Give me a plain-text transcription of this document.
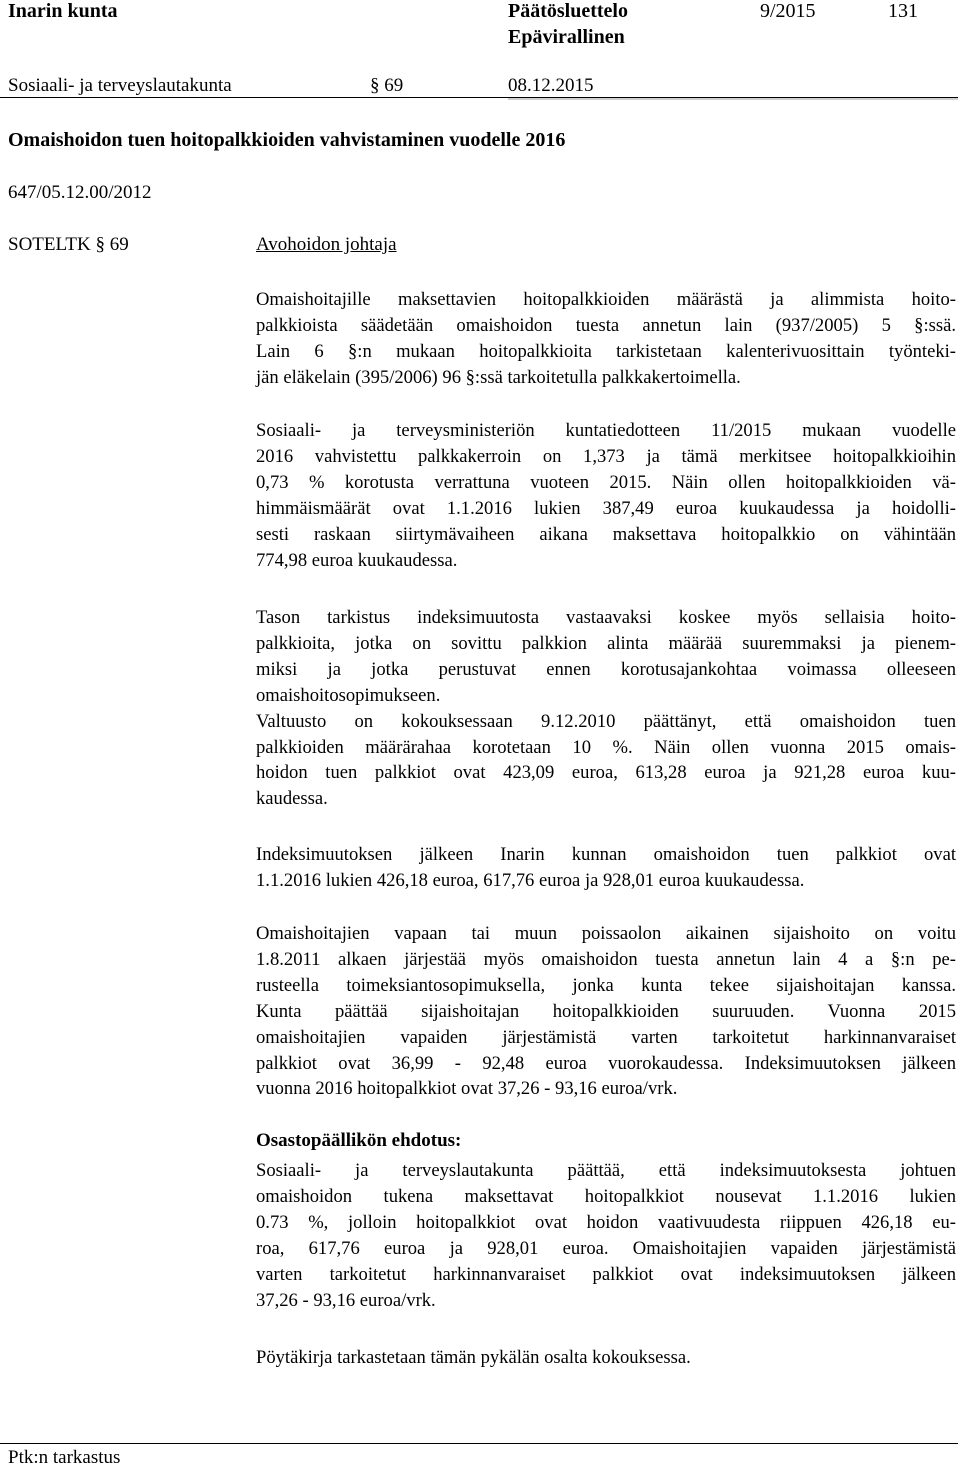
Inarin kunta	Päätösluettelo
Epävirallinen
9/2015	131
Sosiaali- ja terveyslautakunta	§ 69	08.12.2015
Omaishoidon tuen hoitopalkkioiden vahvistaminen vuodelle 2016
647/05.12.00/2012
SOTELTK § 69	Avohoidon johtaja
Omaishoitajille maksettavien hoitopalkkioiden määrästä ja alimmista hoito-
palkkioista säädetään omaishoidon tuesta annetun lain (937/2005) 5 §:ssä.
Lain 6 §:n mukaan hoitopalkkioita tarkistetaan kalenterivuosittain työnteki-
jän eläkelain (395/2006) 96 §:ssä tarkoitetulla palkkakertoimella.
Sosiaali- ja terveysministeriön kuntatiedotteen 11/2015 mukaan vuodelle
2016 vahvistettu palkkakerroin on 1,373 ja tämä merkitsee hoitopalkkioihin
0,73 % korotusta verrattuna vuoteen 2015. Näin ollen hoitopalkkioiden vä-
himmäismäärät ovat 1.1.2016 lukien 387,49 euroa kuukaudessa ja hoidolli-
sesti raskaan siirtymävaiheen aikana maksettava hoitopalkkio on vähintään
774,98 euroa kuukaudessa.
Tason tarkistus indeksimuutosta vastaavaksi koskee myös sellaisia hoito-
palkkioita, jotka on sovittu palkkion alinta määrää suuremmaksi ja pienem-
miksi ja jotka perustuvat ennen korotusajankohtaa voimassa olleeseen
omaishoitosopimukseen.
Valtuusto on kokouksessaan 9.12.2010 päättänyt, että omaishoidon tuen
palkkioiden määrärahaa korotetaan 10 %. Näin ollen vuonna 2015 omais-
hoidon tuen palkkiot ovat 423,09 euroa, 613,28 euroa ja 921,28 euroa kuu-
kaudessa.
Indeksimuutoksen jälkeen Inarin kunnan omaishoidon tuen palkkiot ovat
1.1.2016 lukien 426,18 euroa, 617,76 euroa ja 928,01 euroa kuukaudessa.
Omaishoitajien vapaan tai muun poissaolon aikainen sijaishoito on voitu
1.8.2011 alkaen järjestää myös omaishoidon tuesta annetun lain 4 a §:n pe-
rusteella toimeksiantosopimuksella, jonka kunta tekee sijaishoitajan kanssa.
Kunta päättää sijaishoitajan hoitopalkkioiden suuruuden. Vuonna 2015
omaishoitajien vapaiden järjestämistä varten tarkoitetut harkinnanvaraiset
palkkiot ovat 36,99 - 92,48 euroa vuorokaudessa. Indeksimuutoksen jälkeen
vuonna 2016 hoitopalkkiot ovat 37,26 - 93,16 euroa/vrk.
Osastopäällikön ehdotus:
Sosiaali- ja terveyslautakunta päättää, että indeksimuutoksesta johtuen
omaishoidon tukena maksettavat hoitopalkkiot nousevat 1.1.2016 lukien
0.73 %, jolloin hoitopalkkiot ovat hoidon vaativuudesta riippuen 426,18 eu-
roa, 617,76 euroa ja 928,01 euroa. Omaishoitajien vapaiden järjestämistä
varten tarkoitetut harkinnanvaraiset palkkiot ovat indeksimuutoksen jälkeen
37,26 - 93,16 euroa/vrk.
Pöytäkirja tarkastetaan tämän pykälän osalta kokouksessa.
Ptk:n tarkastus
